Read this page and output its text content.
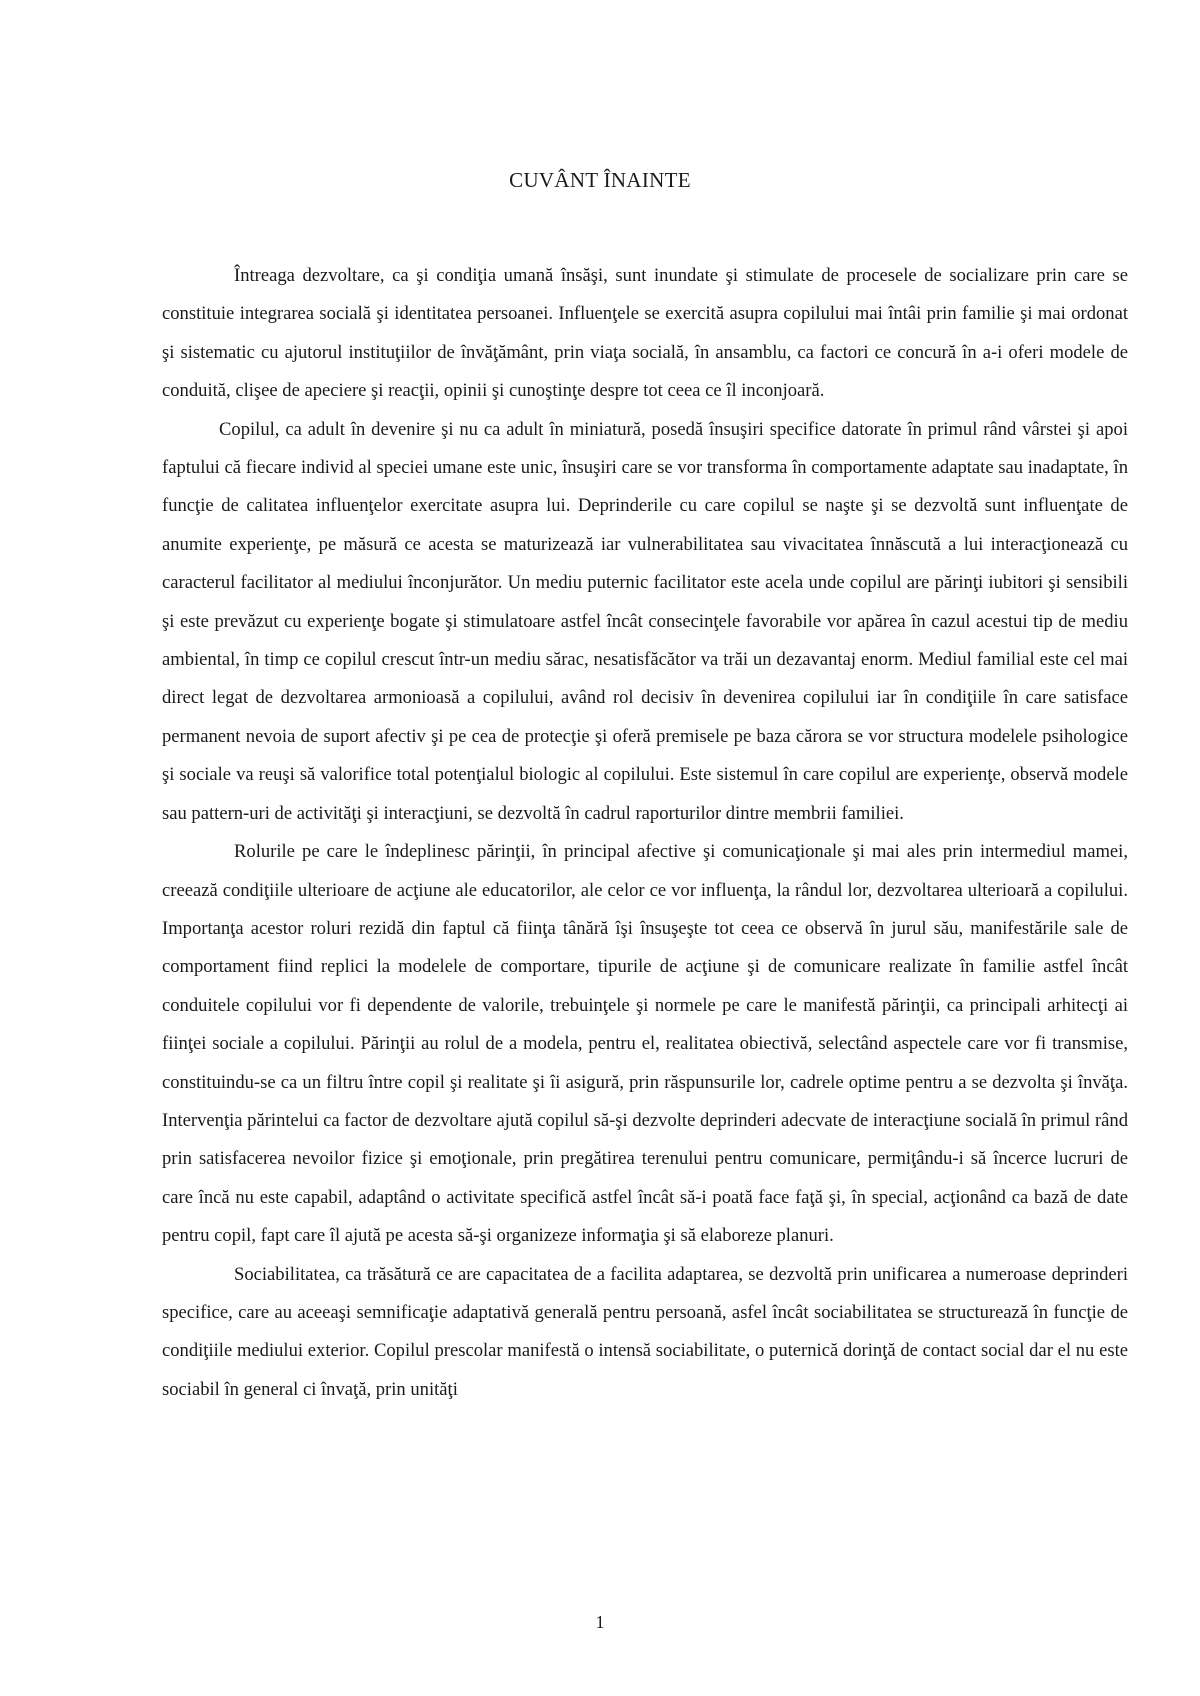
CUVÂNT ÎNAINTE

Întreaga dezvoltare, ca şi condiţia umană însăşi, sunt inundate şi stimulate de procesele de socializare prin care se constituie integrarea socială şi identitatea persoanei. Influenţele se exercită asupra copilului mai întâi prin familie şi mai ordonat şi sistematic cu ajutorul instituţiilor de învăţământ, prin viaţa socială, în ansamblu, ca factori ce concură în a-i oferi modele de conduită, clişee de apeciere şi reacţii, opinii şi cunoştinţe despre tot ceea ce îl inconjoară.

Copilul, ca adult în devenire şi nu ca adult în miniatură, posedă însuşiri specifice datorate în primul rând vârstei şi apoi faptului că fiecare individ al speciei umane este unic, însuşiri care se vor transforma în comportamente adaptate sau inadaptate, în funcţie de calitatea influenţelor exercitate asupra lui. Deprinderile cu care copilul se naşte şi se dezvoltă sunt influenţate de anumite experienţe, pe măsură ce acesta se maturizează iar vulnerabilitatea sau vivacitatea înnăscută a lui interacţionează cu caracterul facilitator al mediului înconjurător. Un mediu puternic facilitator este acela unde copilul are părinţi iubitori şi sensibili şi este prevăzut cu experienţe bogate şi stimulatoare astfel încât consecinţele favorabile vor apărea în cazul acestui tip de mediu ambiental, în timp ce copilul crescut într-un mediu sărac, nesatisfăcător va trăi un dezavantaj enorm. Mediul familial este cel mai direct legat de dezvoltarea armonioasă a copilului, având rol decisiv în devenirea copilului iar în condiţiile în care satisface permanent nevoia de suport afectiv şi pe cea de protecţie şi oferă premisele pe baza cărora se vor structura modelele psihologice şi sociale va reuşi să valorifice total potenţialul biologic al copilului. Este sistemul în care copilul are experienţe, observă modele sau pattern-uri de activităţi şi interacţiuni, se dezvoltă în cadrul raporturilor dintre membrii familiei.

Rolurile pe care le îndeplinesc părinţii, în principal afective şi comunicaţionale şi mai ales prin intermediul mamei, creează condiţiile ulterioare de acţiune ale educatorilor, ale celor ce vor influenţa, la rândul lor, dezvoltarea ulterioară a copilului. Importanţa acestor roluri rezidă din faptul că fiinţa tânără îşi însuşeşte tot ceea ce observă în jurul său, manifestările sale de comportament fiind replici la modelele de comportare, tipurile de acţiune şi de comunicare realizate în familie astfel încât conduitele copilului vor fi dependente de valorile, trebuinţele şi normele pe care le manifestă părinţii, ca principali arhitecţi ai fiinţei sociale a copilului. Părinţii au rolul de a modela, pentru el, realitatea obiectivă, selectând aspectele care vor fi transmise, constituindu-se ca un filtru între copil şi realitate şi îi asigură, prin răspunsurile lor, cadrele optime pentru a se dezvolta şi învăţa. Intervenţia părintelui ca factor de dezvoltare ajută copilul să-şi dezvolte deprinderi adecvate de interacţiune socială în primul rând prin satisfacerea nevoilor fizice şi emoţionale, prin pregătirea terenului pentru comunicare, permiţându-i să încerce lucruri de care încă nu este capabil, adaptând o activitate specifică astfel încât să-i poată face faţă şi, în special, acţionând ca bază de date pentru copil, fapt care îl ajută pe acesta să-şi organizeze informaţia şi să elaboreze planuri.

Sociabilitatea, ca trăsătură ce are capacitatea de a facilita adaptarea, se dezvoltă prin unificarea a numeroase deprinderi specifice, care au aceeaşi semnificaţie adaptativă generală pentru persoană, asfel încât sociabilitatea se structurează în funcţie de condiţiile mediului exterior. Copilul prescolar manifestă o intensă sociabilitate, o puternică dorinţă de contact social dar el nu este sociabil în general ci învaţă, prin unităţi

1
